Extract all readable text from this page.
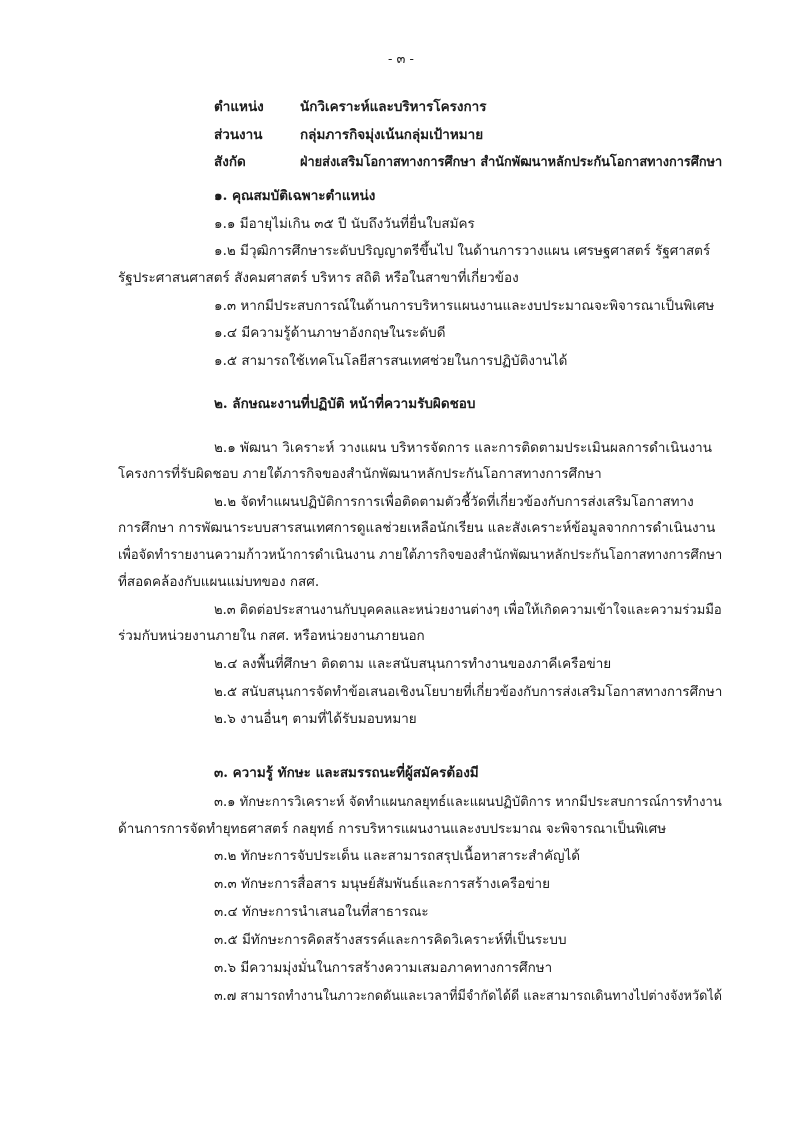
- ๓ -
ตำแหน่ง	นักวิเคราะห์และบริหารโครงการ
ส่วนงาน	กลุ่มภารกิจมุ่งเน้นกลุ่มเป้าหมาย
สังกัด	ฝ่ายส่งเสริมโอกาสทางการศึกษา สำนักพัฒนาหลักประกันโอกาสทางการศึกษา
๑. คุณสมบัติเฉพาะตำแหน่ง
๑.๑ มีอายุไม่เกิน ๓๕ ปี นับถึงวันที่ยื่นใบสมัคร
๑.๒ มีวุฒิการศึกษาระดับปริญญาตรีขึ้นไป ในด้านการวางแผน เศรษฐศาสตร์ รัฐศาสตร์
รัฐประศาสนศาสตร์ สังคมศาสตร์ บริหาร สถิติ หรือในสาขาที่เกี่ยวข้อง
๑.๓ หากมีประสบการณ์ในด้านการบริหารแผนงานและงบประมาณจะพิจารณาเป็นพิเศษ
๑.๔ มีความรู้ด้านภาษาอังกฤษในระดับดี
๑.๕ สามารถใช้เทคโนโลยีสารสนเทศช่วยในการปฏิบัติงานได้
๒. ลักษณะงานที่ปฏิบัติ หน้าที่ความรับผิดชอบ
๒.๑ พัฒนา วิเคราะห์ วางแผน บริหารจัดการ และการติดตามประเมินผลการดำเนินงาน
โครงการที่รับผิดชอบ ภายใต้ภารกิจของสำนักพัฒนาหลักประกันโอกาสทางการศึกษา
๒.๒ จัดทำแผนปฏิบัติการการเพื่อติดตามตัวชี้วัดที่เกี่ยวข้องกับการส่งเสริมโอกาสทาง
การศึกษา การพัฒนาระบบสารสนเทศการดูแลช่วยเหลือนักเรียน และสังเคราะห์ข้อมูลจากการดำเนินงาน
เพื่อจัดทำรายงานความก้าวหน้าการดำเนินงาน ภายใต้ภารกิจของสำนักพัฒนาหลักประกันโอกาสทางการศึกษา
ที่สอดคล้องกับแผนแม่บทของ กสศ.
๒.๓ ติดต่อประสานงานกับบุคคลและหน่วยงานต่างๆ เพื่อให้เกิดความเข้าใจและความร่วมมือ
ร่วมกับหน่วยงานภายใน กสศ. หรือหน่วยงานภายนอก
๒.๔ ลงพื้นที่ศึกษา ติดตาม และสนับสนุนการทำงานของภาคีเครือข่าย
๒.๕ สนับสนุนการจัดทำข้อเสนอเชิงนโยบายที่เกี่ยวข้องกับการส่งเสริมโอกาสทางการศึกษา
๒.๖ งานอื่นๆ ตามที่ได้รับมอบหมาย
๓. ความรู้ ทักษะ และสมรรถนะที่ผู้สมัครต้องมี
๓.๑ ทักษะการวิเคราะห์ จัดทำแผนกลยุทธ์และแผนปฏิบัติการ หากมีประสบการณ์การทำงาน
ด้านการการจัดทำยุทธศาสตร์ กลยุทธ์ การบริหารแผนงานและงบประมาณ จะพิจารณาเป็นพิเศษ
๓.๒ ทักษะการจับประเด็น และสามารถสรุปเนื้อหาสาระสำคัญได้
๓.๓ ทักษะการสื่อสาร มนุษย์สัมพันธ์และการสร้างเครือข่าย
๓.๔ ทักษะการนำเสนอในที่สาธารณะ
๓.๕ มีทักษะการคิดสร้างสรรค์และการคิดวิเคราะห์ที่เป็นระบบ
๓.๖ มีความมุ่งมั่นในการสร้างความเสมอภาคทางการศึกษา
๓.๗ สามารถทำงานในภาวะกดดันและเวลาที่มีจำกัดได้ดี และสามารถเดินทางไปต่างจังหวัดได้
